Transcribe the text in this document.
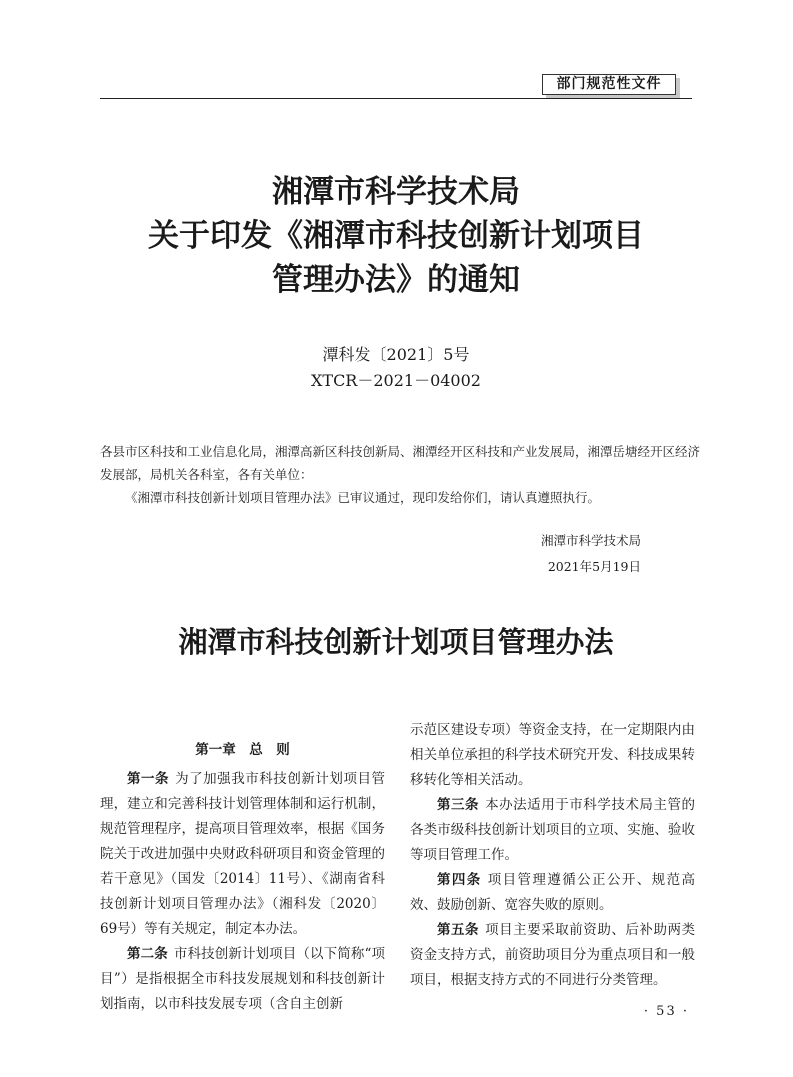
部门规范性文件
湘潭市科学技术局
关于印发《湘潭市科技创新计划项目
管理办法》的通知
潭科发〔2021〕5号
XTCR－2021－04002
各县市区科技和工业信息化局，湘潭高新区科技创新局、湘潭经开区科技和产业发展局，湘潭岳塘经开区经济发展部，局机关各科室，各有关单位：
《湘潭市科技创新计划项目管理办法》已审议通过，现印发给你们，请认真遵照执行。
湘潭市科学技术局
2021年5月19日
湘潭市科技创新计划项目管理办法
第一章　总　则

第一条 为了加强我市科技创新计划项目管理，建立和完善科技计划管理体制和运行机制，规范管理程序，提高项目管理效率，根据《国务院关于改进加强中央财政科研项目和资金管理的若干意见》（国发〔2014〕11号）、《湖南省科技创新计划项目管理办法》（湘科发〔2020〕69号）等有关规定，制定本办法。

第二条 市科技创新计划项目（以下简称“项目”）是指根据全市科技发展规划和科技创新计划指南，以市科技发展专项（含自主创新

示范区建设专项）等资金支持，在一定期限内由相关单位承担的科学技术研究开发、科技成果转移转化等相关活动。

第三条 本办法适用于市科学技术局主管的各类市级科技创新计划项目的立项、实施、验收等项目管理工作。

第四条 项目管理遵循公正公开、规范高效、鼓励创新、宽容失败的原则。

第五条 项目主要采取前资助、后补助两类资金支持方式，前资助项目分为重点项目和一般项目，根据支持方式的不同进行分类管理。

· 53 ·
